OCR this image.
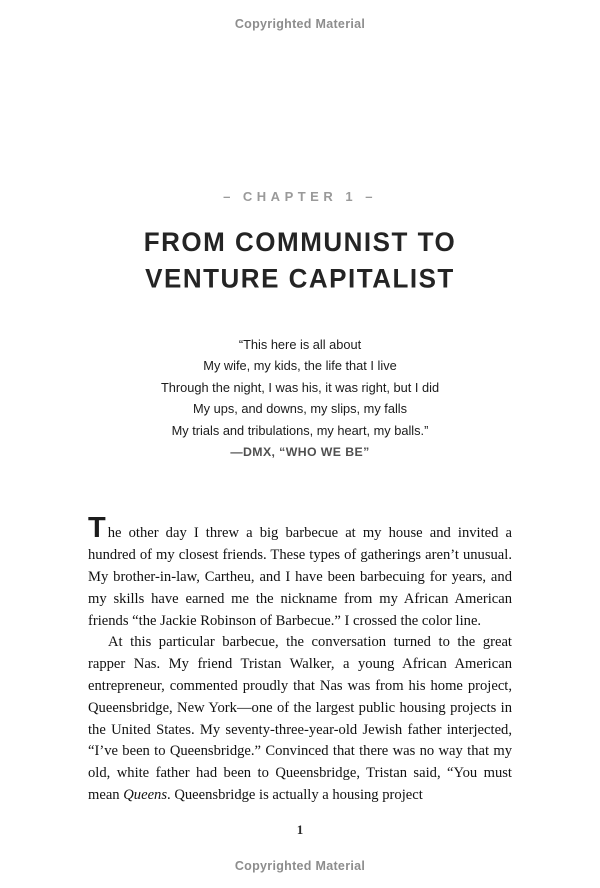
Copyrighted Material
– CHAPTER 1 –
FROM COMMUNIST TO
VENTURE CAPITALIST
“This here is all about
My wife, my kids, the life that I live
Through the night, I was his, it was right, but I did
My ups, and downs, my slips, my falls
My trials and tribulations, my heart, my balls.”
—DMX, “WHO WE BE”

The other day I threw a big barbecue at my house and invited a hundred of my closest friends. These types of gatherings aren’t unusual. My brother-in-law, Cartheu, and I have been barbecuing for years, and my skills have earned me the nickname from my African American friends “the Jackie Robinson of Barbecue.” I crossed the color line.

At this particular barbecue, the conversation turned to the great rapper Nas. My friend Tristan Walker, a young African American entrepreneur, commented proudly that Nas was from his home project, Queensbridge, New York—one of the largest public housing projects in the United States. My seventy-three-year-old Jewish father interjected, “I’ve been to Queensbridge.” Convinced that there was no way that my old, white father had been to Queensbridge, Tristan said, “You must mean Queens. Queensbridge is actually a housing project

1
Copyrighted Material
